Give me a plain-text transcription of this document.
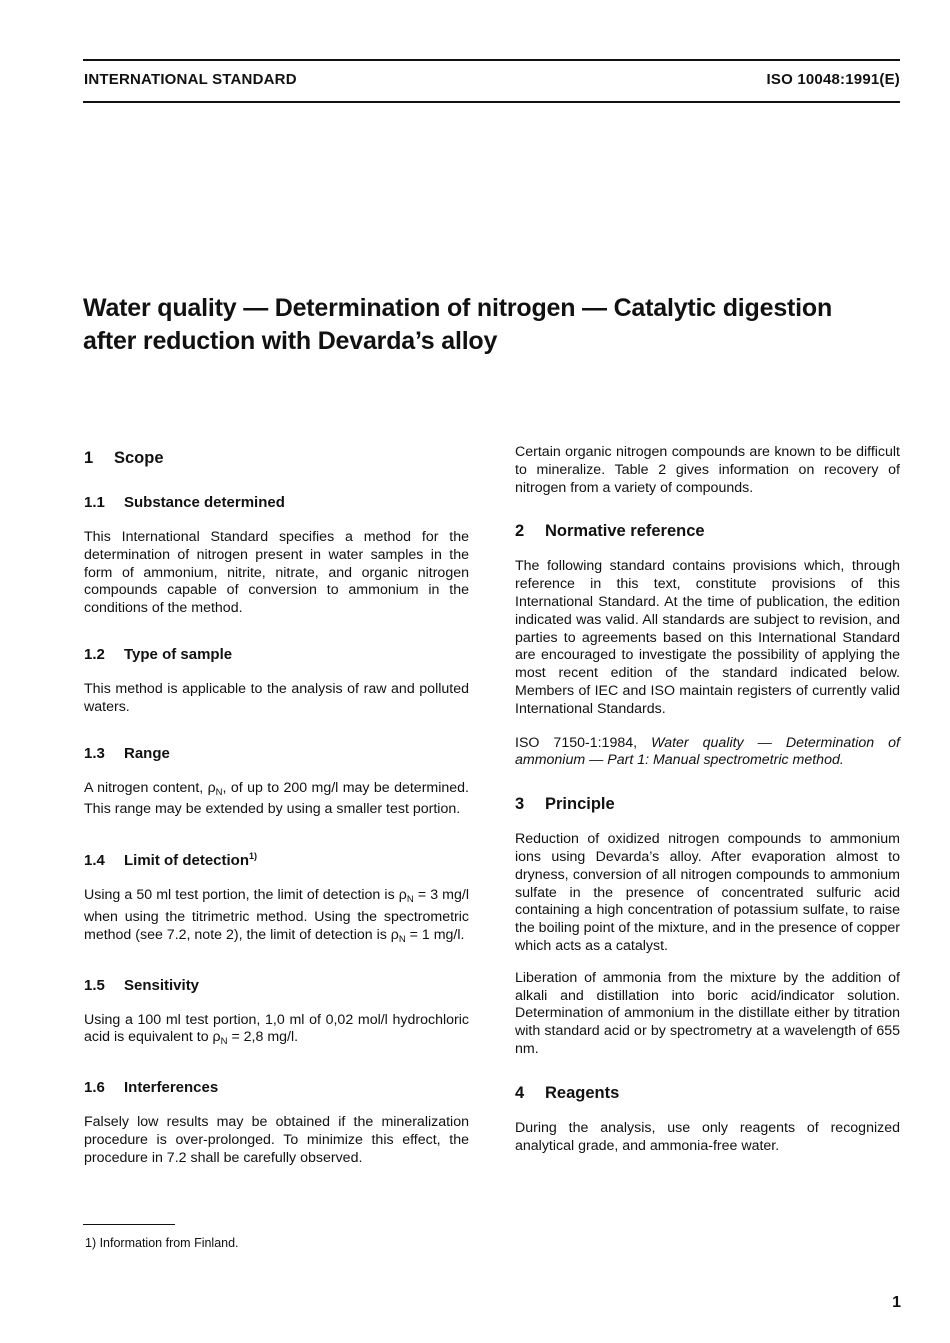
INTERNATIONAL STANDARD	ISO 10048:1991(E)
Water quality — Determination of nitrogen — Catalytic digestion after reduction with Devarda’s alloy
1 Scope
1.1 Substance determined

This International Standard specifies a method for the determination of nitrogen present in water samples in the form of ammonium, nitrite, nitrate, and organic nitrogen compounds capable of conversion to ammonium in the conditions of the method.

1.2 Type of sample

This method is applicable to the analysis of raw and polluted waters.

1.3 Range

A nitrogen content, $\rho_N$, of up to 200 mg/l may be determined. This range may be extended by using a smaller test portion.

1.4 Limit of detection$^{1)}$

Using a 50 ml test portion, the limit of detection is $\rho_N = 3$ mg/l when using the titrimetric method. Using the spectrometric method (see 7.2, note 2), the limit of detection is $\rho_N = 1$ mg/l.

1.5 Sensitivity

Using a 100 ml test portion, 1,0 ml of 0,02 mol/l hydrochloric acid is equivalent to $\rho_N = 2,8$ mg/l.

1.6 Interferences

Falsely low results may be obtained if the mineralization procedure is over-prolonged. To minimize this effect, the procedure in 7.2 shall be carefully observed.

Certain organic nitrogen compounds are known to be difficult to mineralize. Table 2 gives information on recovery of nitrogen from a variety of compounds.

2 Normative reference

The following standard contains provisions which, through reference in this text, constitute provisions of this International Standard. At the time of publication, the edition indicated was valid. All standards are subject to revision, and parties to agreements based on this International Standard are encouraged to investigate the possibility of applying the most recent edition of the standard indicated below. Members of IEC and ISO maintain registers of currently valid International Standards.

ISO 7150-1:1984, Water quality — Determination of ammonium — Part 1: Manual spectrometric method.

3 Principle

Reduction of oxidized nitrogen compounds to ammonium ions using Devarda’s alloy. After evaporation almost to dryness, conversion of all nitrogen compounds to ammonium sulfate in the presence of concentrated sulfuric acid containing a high concentration of potassium sulfate, to raise the boiling point of the mixture, and in the presence of copper which acts as a catalyst.

Liberation of ammonia from the mixture by the addition of alkali and distillation into boric acid/indicator solution. Determination of ammonium in the distillate either by titration with standard acid or by spectrometry at a wavelength of 655 nm.

4 Reagents

During the analysis, use only reagents of recognized analytical grade, and ammonia-free water.

1) Information from Finland.
1
